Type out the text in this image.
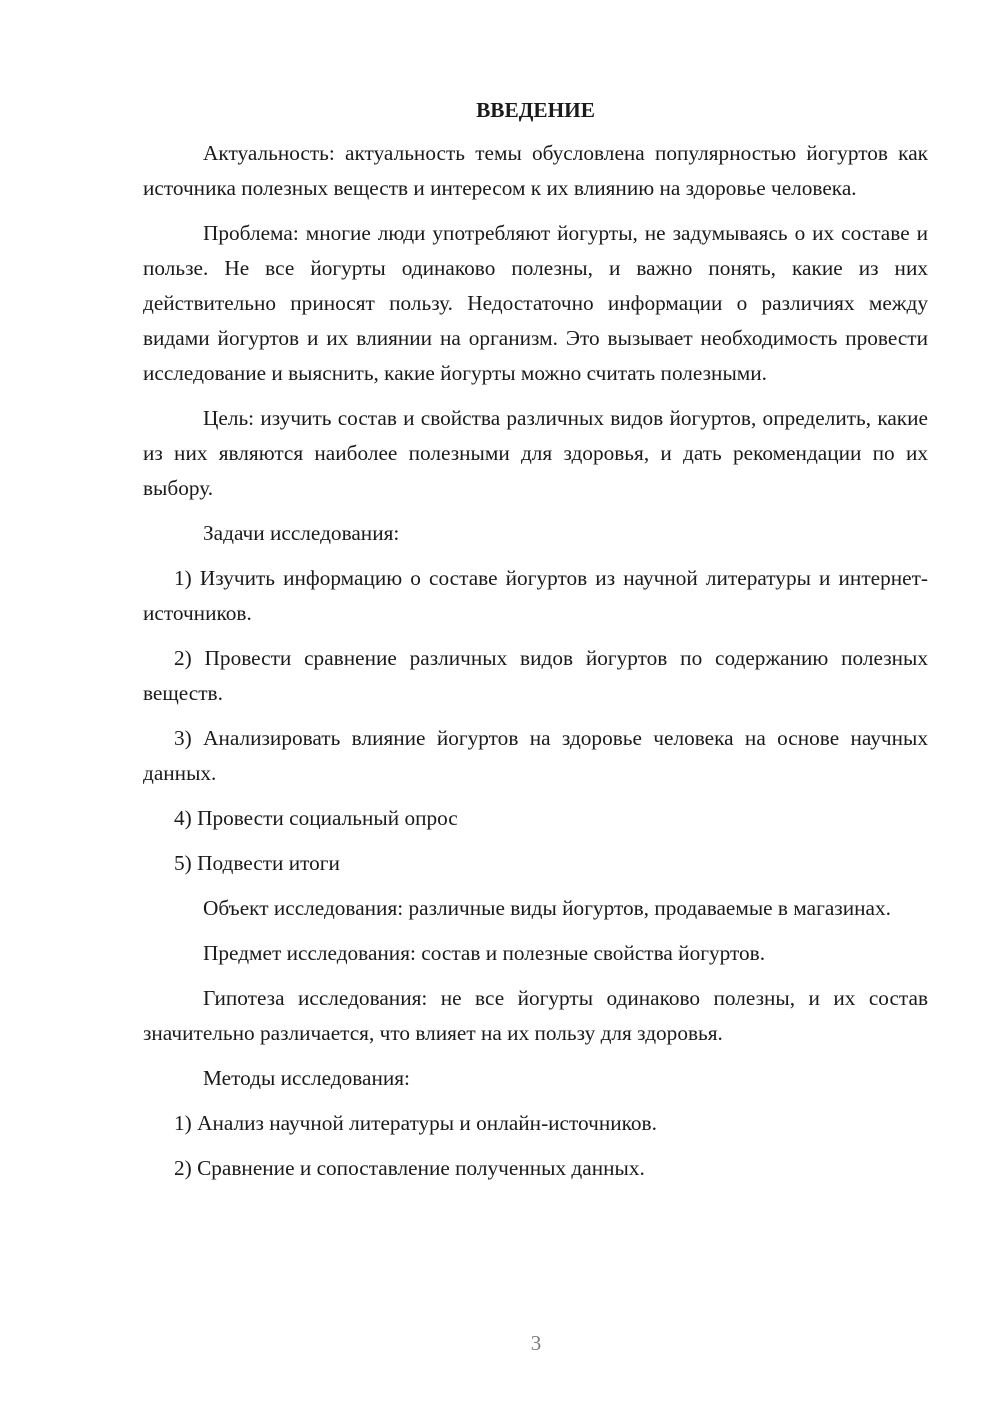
ВВЕДЕНИЕ

Актуальность: актуальность темы обусловлена популярностью йогуртов как источника полезных веществ и интересом к их влиянию на здоровье человека.

Проблема: многие люди употребляют йогурты, не задумываясь о их составе и пользе. Не все йогурты одинаково полезны, и важно понять, какие из них действительно приносят пользу. Недостаточно информации о различиях между видами йогуртов и их влиянии на организм. Это вызывает необходимость провести исследование и выяснить, какие йогурты можно считать полезными.

Цель: изучить состав и свойства различных видов йогуртов, определить, какие из них являются наиболее полезными для здоровья, и дать рекомендации по их выбору.

Задачи исследования:

1) Изучить информацию о составе йогуртов из научной литературы и интернет-источников.

2) Провести сравнение различных видов йогуртов по содержанию полезных веществ.

3) Анализировать влияние йогуртов на здоровье человека на основе научных данных.

4) Провести социальный опрос

5) Подвести итоги

Объект исследования: различные виды йогуртов, продаваемые в магазинах.

Предмет исследования: состав и полезные свойства йогуртов.

Гипотеза исследования: не все йогурты одинаково полезны, и их состав значительно различается, что влияет на их пользу для здоровья.

Методы исследования:

1) Анализ научной литературы и онлайн-источников.

2) Сравнение и сопоставление полученных данных.

3
